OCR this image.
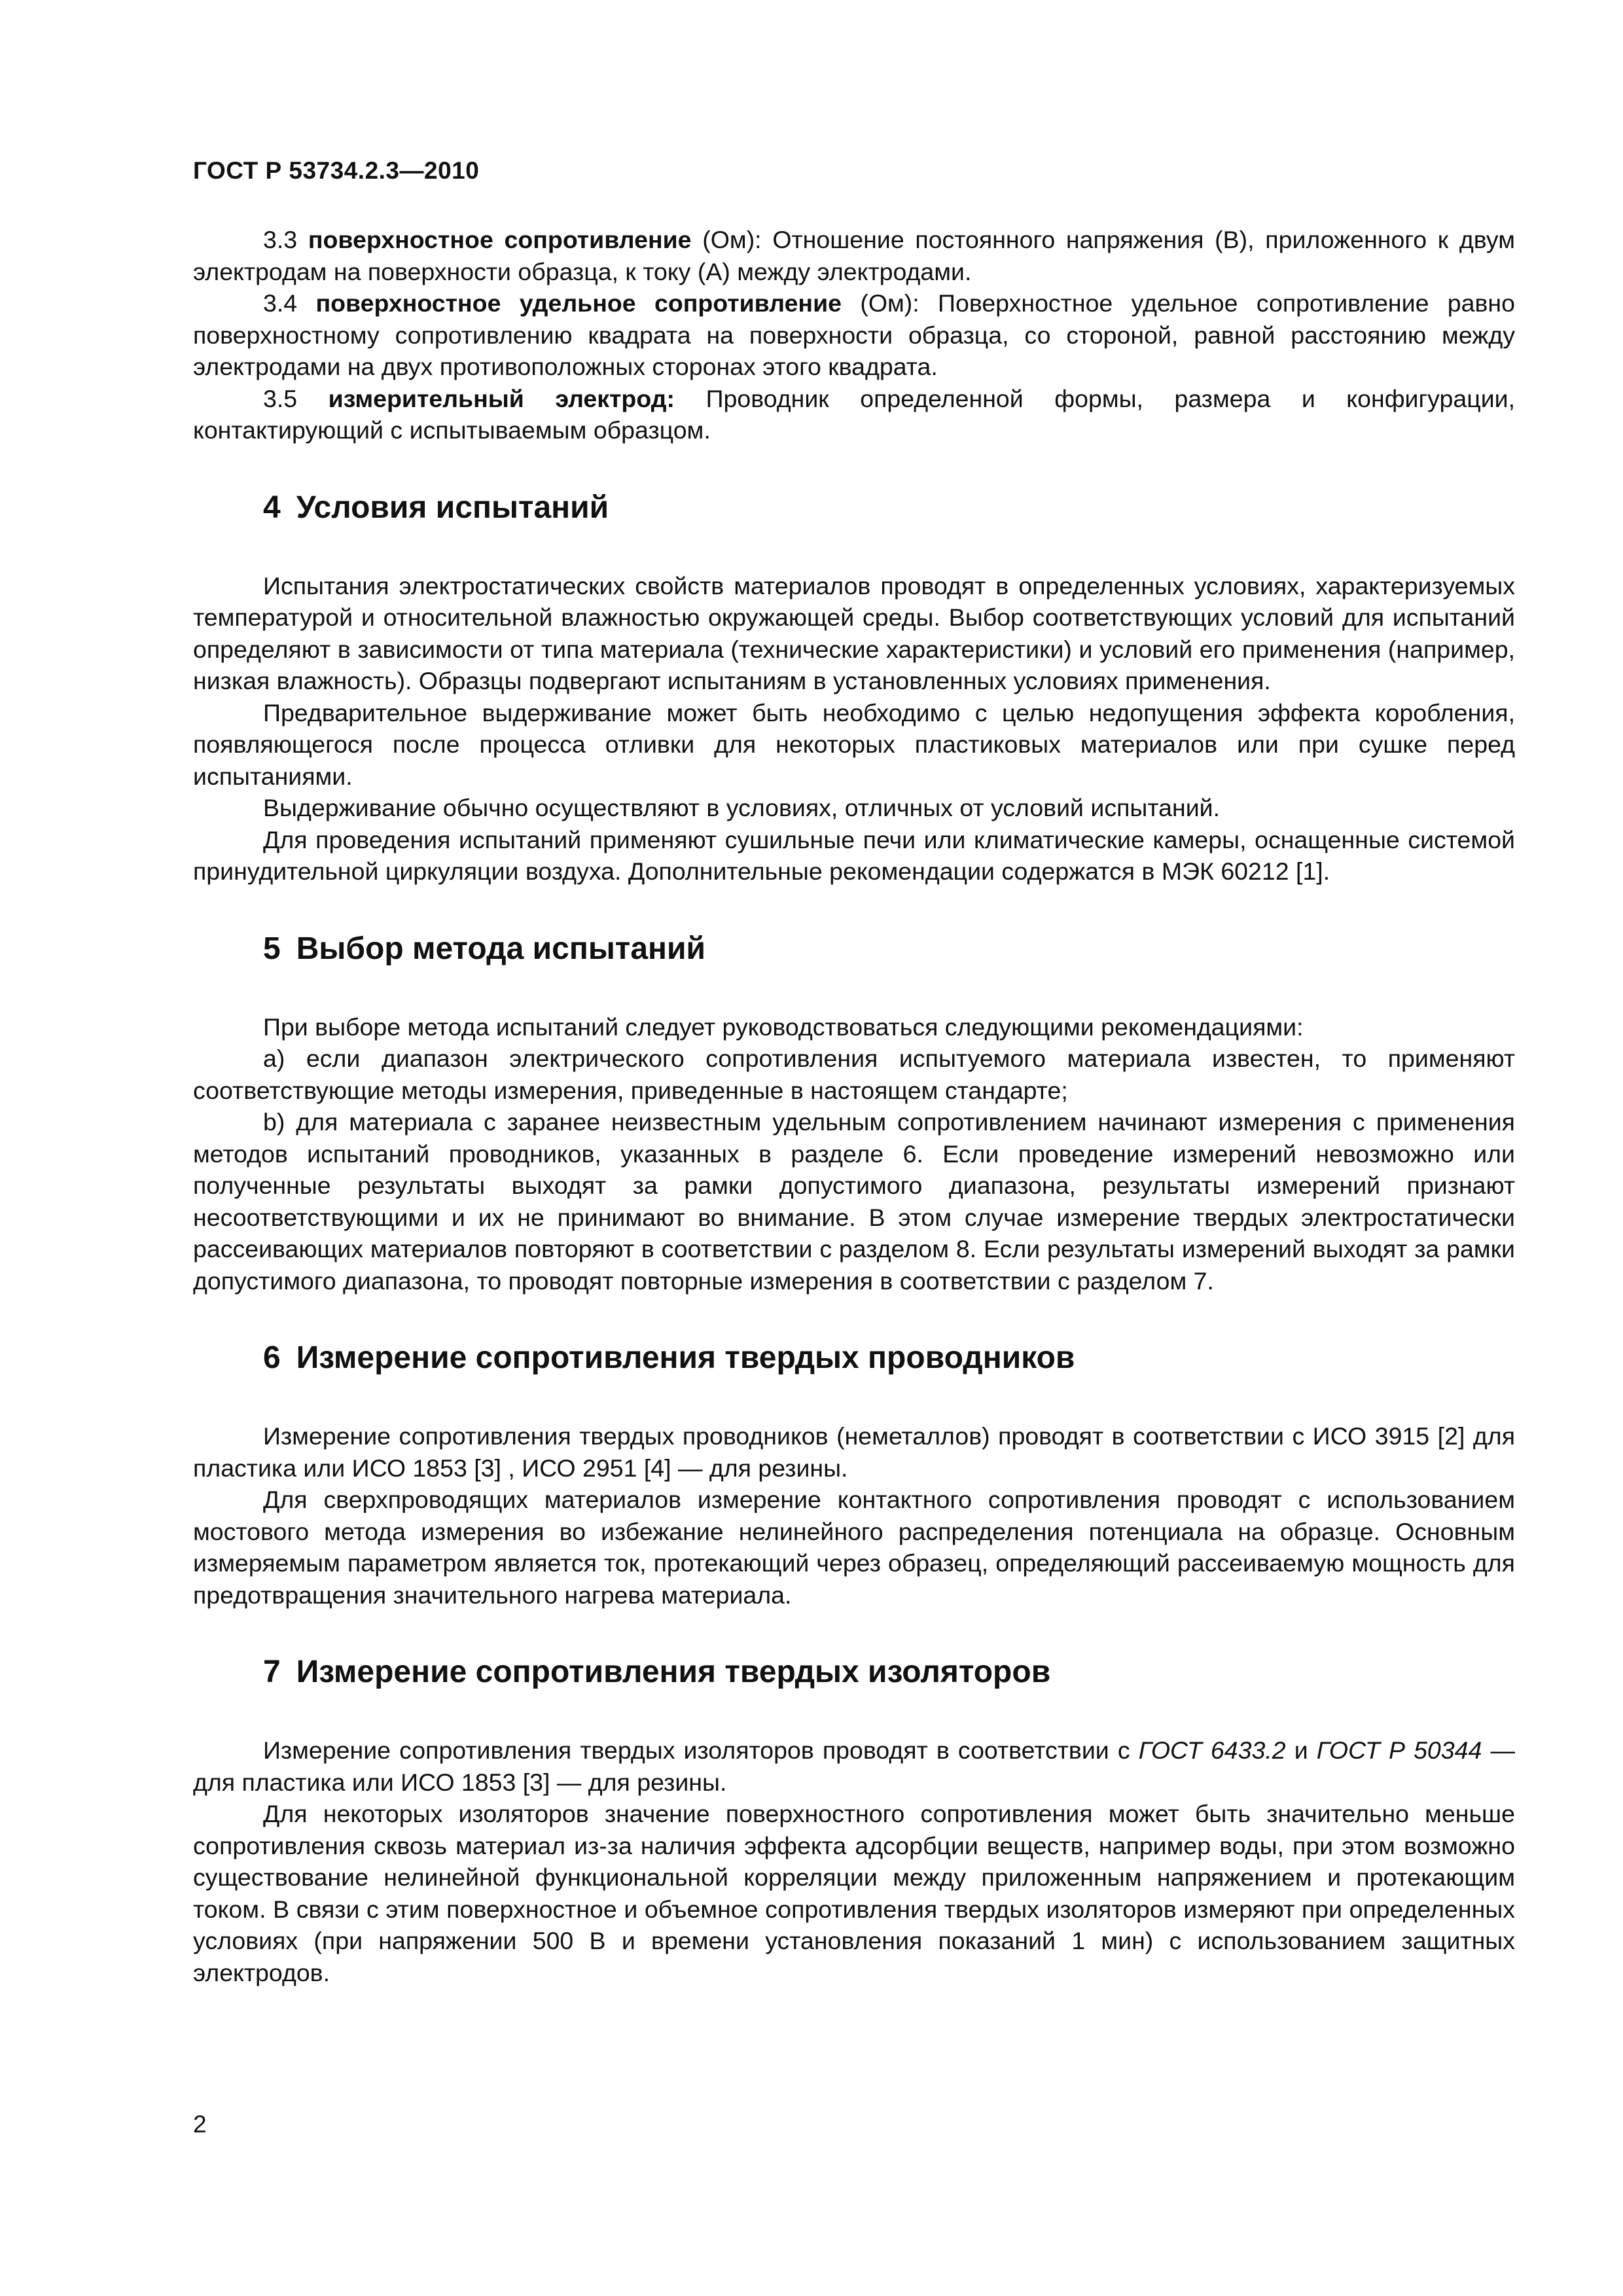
ГОСТ Р 53734.2.3—2010

3.3 поверхностное сопротивление (Ом): Отношение постоянного напряжения (В), приложенного к двум электродам на поверхности образца, к току (А) между электродами.

3.4 поверхностное удельное сопротивление (Ом): Поверхностное удельное сопротивление равно поверхностному сопротивлению квадрата на поверхности образца, со стороной, равной расстоянию между электродами на двух противоположных сторонах этого квадрата.

3.5 измерительный электрод: Проводник определенной формы, размера и конфигурации, контактирующий с испытываемым образцом.

4 Условия испытаний

Испытания электростатических свойств материалов проводят в определенных условиях, характеризуемых температурой и относительной влажностью окружающей среды. Выбор соответствующих условий для испытаний определяют в зависимости от типа материала (технические характеристики) и условий его применения (например, низкая влажность). Образцы подвергают испытаниям в установленных условиях применения.

Предварительное выдерживание может быть необходимо с целью недопущения эффекта коробления, появляющегося после процесса отливки для некоторых пластиковых материалов или при сушке перед испытаниями.

Выдерживание обычно осуществляют в условиях, отличных от условий испытаний.

Для проведения испытаний применяют сушильные печи или климатические камеры, оснащенные системой принудительной циркуляции воздуха. Дополнительные рекомендации содержатся в МЭК 60212 [1].

5 Выбор метода испытаний

При выборе метода испытаний следует руководствоваться следующими рекомендациями:

a) если диапазон электрического сопротивления испытуемого материала известен, то применяют соответствующие методы измерения, приведенные в настоящем стандарте;

b) для материала с заранее неизвестным удельным сопротивлением начинают измерения с применения методов испытаний проводников, указанных в разделе 6. Если проведение измерений невозможно или полученные результаты выходят за рамки допустимого диапазона, результаты измерений признают несоответствующими и их не принимают во внимание. В этом случае измерение твердых электростатически рассеивающих материалов повторяют в соответствии с разделом 8. Если результаты измерений выходят за рамки допустимого диапазона, то проводят повторные измерения в соответствии с разделом 7.

6 Измерение сопротивления твердых проводников

Измерение сопротивления твердых проводников (неметаллов) проводят в соответствии с ИСО 3915 [2] для пластика или ИСО 1853 [3] , ИСО 2951 [4] — для резины.

Для сверхпроводящих материалов измерение контактного сопротивления проводят с использованием мостового метода измерения во избежание нелинейного распределения потенциала на образце. Основным измеряемым параметром является ток, протекающий через образец, определяющий рассеиваемую мощность для предотвращения значительного нагрева материала.

7 Измерение сопротивления твердых изоляторов

Измерение сопротивления твердых изоляторов проводят в соответствии с ГОСТ 6433.2 и ГОСТ Р 50344 — для пластика или ИСО 1853 [3] — для резины.

Для некоторых изоляторов значение поверхностного сопротивления может быть значительно меньше сопротивления сквозь материал из-за наличия эффекта адсорбции веществ, например воды, при этом возможно существование нелинейной функциональной корреляции между приложенным напряжением и протекающим током. В связи с этим поверхностное и объемное сопротивления твердых изоляторов измеряют при определенных условиях (при напряжении 500 В и времени установления показаний 1 мин) с использованием защитных электродов.

2
